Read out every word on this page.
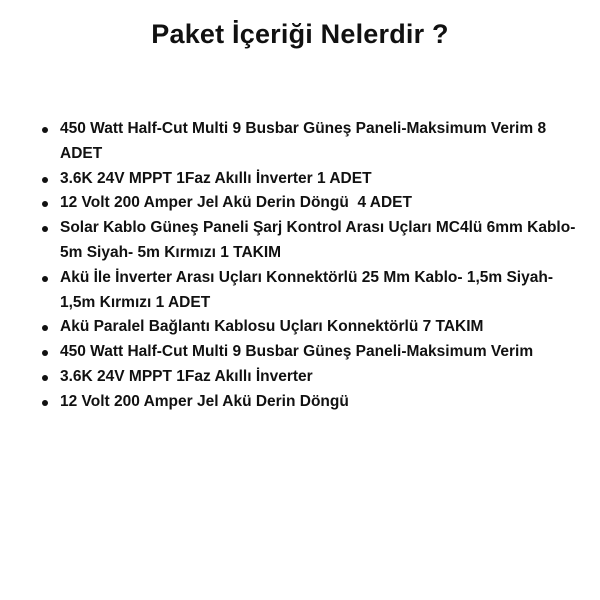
Paket İçeriği Nelerdir ?
450 Watt Half-Cut Multi 9 Busbar Güneş Paneli-Maksimum Verim 8 ADET
3.6K 24V MPPT 1Faz Akıllı İnverter 1 ADET
12 Volt 200 Amper Jel Akü Derin Döngü  4 ADET
Solar Kablo Güneş Paneli Şarj Kontrol Arası Uçları MC4lü 6mm Kablo- 5m Siyah- 5m Kırmızı 1 TAKIM
Akü İle İnverter Arası Uçları Konnektörlü 25 Mm Kablo- 1,5m Siyah- 1,5m Kırmızı 1 ADET
Akü Paralel Bağlantı Kablosu Uçları Konnektörlü 7 TAKIM
450 Watt Half-Cut Multi 9 Busbar Güneş Paneli-Maksimum Verim
3.6K 24V MPPT 1Faz Akıllı İnverter
12 Volt 200 Amper Jel Akü Derin Döngü
